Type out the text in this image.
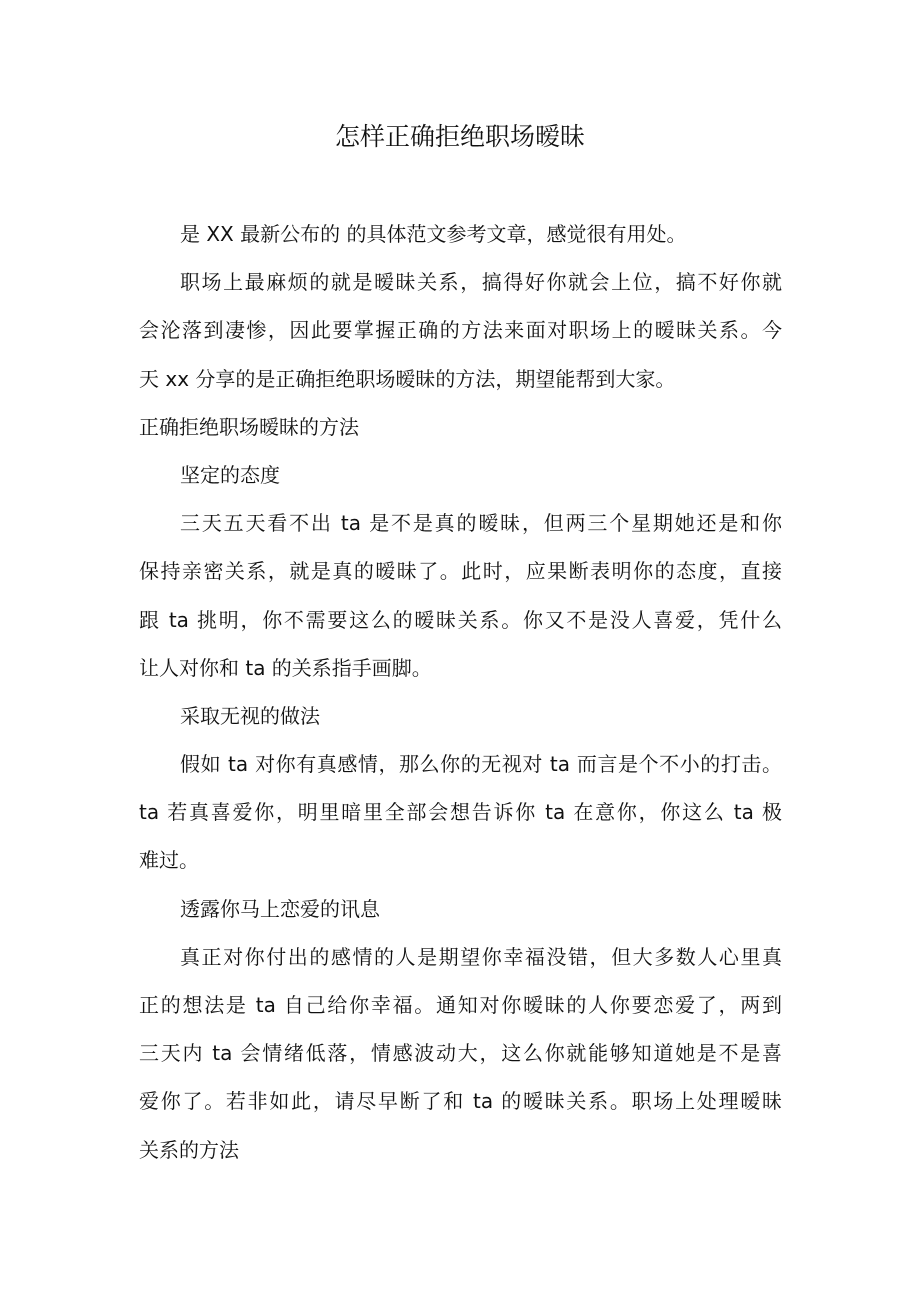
怎样正确拒绝职场暧昧
是 XX 最新公布的 的具体范文参考文章，感觉很有用处。
职场上最麻烦的就是暧昧关系，搞得好你就会上位，搞不好你就
会沦落到凄惨，因此要掌握正确的方法来面对职场上的暧昧关系。今
天 xx 分享的是正确拒绝职场暧昧的方法，期望能帮到大家。
正确拒绝职场暧昧的方法
坚定的态度
三天五天看不出 ta 是不是真的暧昧，但两三个星期她还是和你
保持亲密关系，就是真的暧昧了。此时，应果断表明你的态度，直接
跟 ta 挑明，你不需要这么的暧昧关系。你又不是没人喜爱，凭什么
让人对你和 ta 的关系指手画脚。
采取无视的做法
假如 ta 对你有真感情，那么你的无视对 ta 而言是个不小的打击。
ta 若真喜爱你，明里暗里全部会想告诉你 ta 在意你，你这么 ta 极
难过。
透露你马上恋爱的讯息
真正对你付出的感情的人是期望你幸福没错，但大多数人心里真
正的想法是 ta 自己给你幸福。通知对你暧昧的人你要恋爱了，两到
三天内 ta 会情绪低落，情感波动大，这么你就能够知道她是不是喜
爱你了。若非如此，请尽早断了和 ta 的暧昧关系。职场上处理暧昧
关系的方法
